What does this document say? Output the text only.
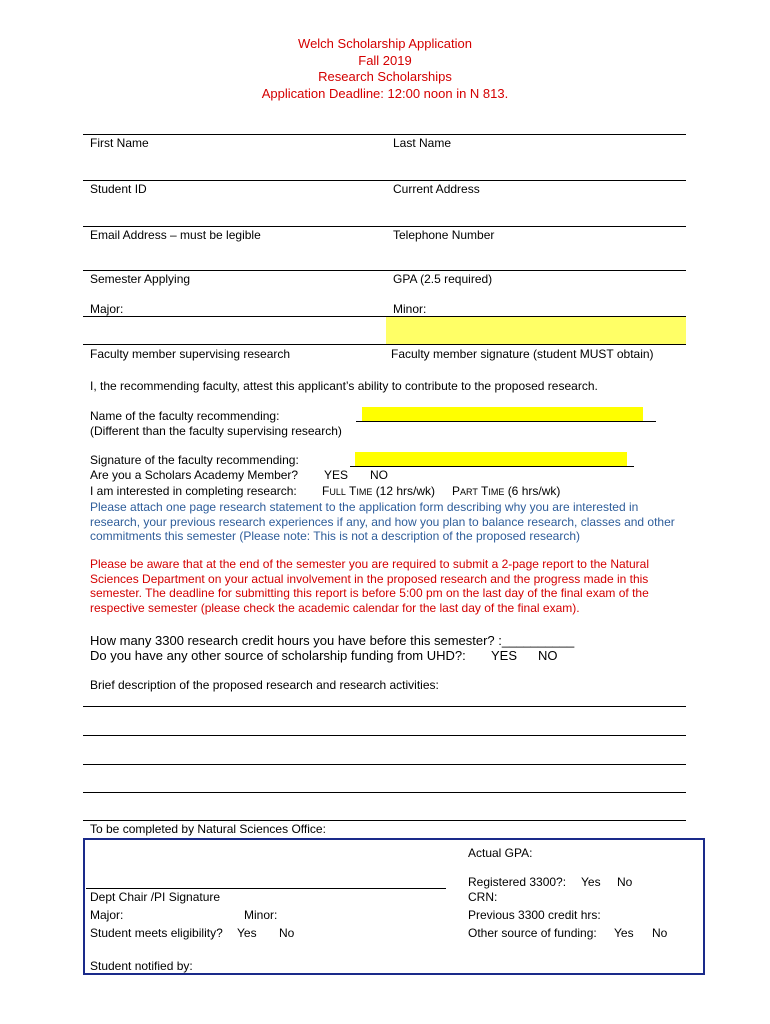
Welch Scholarship Application
Fall 2019
Research Scholarships
Application Deadline: 12:00 noon in N 813.
First Name	Last Name
Student ID	Current Address
Email Address – must be legible	Telephone Number
Semester Applying	GPA (2.5 required)
Major:	Minor:
Faculty member supervising research	Faculty member signature (student MUST obtain)
I, the recommending faculty, attest this applicant’s ability to contribute to the proposed research.
Name of the faculty recommending:
(Different than the faculty supervising research)
Signature of the faculty recommending:
Are you a Scholars Academy Member? YES NO
I am interested in completing research: FULL TIME (12 hrs/wk) PART TIME (6 hrs/wk)
Please attach one page research statement to the application form describing why you are interested in research, your previous research experiences if any, and how you plan to balance research, classes and other commitments this semester (Please note: This is not a description of the proposed research)
Please be aware that at the end of the semester you are required to submit a 2-page report to the Natural Sciences Department on your actual involvement in the proposed research and the progress made in this semester. The deadline for submitting this report is before 5:00 pm on the last day of the final exam of the respective semester (please check the academic calendar for the last day of the final exam).
How many 3300 research credit hours you have before this semester? :__________
Do you have any other source of scholarship funding from UHD?: YES NO
Brief description of the proposed research and research activities:
To be completed by Natural Sciences Office:
Actual GPA:
Registered 3300?: Yes No
Dept Chair /PI Signature	CRN:
Major:	Minor:	Previous 3300 credit hrs:
Student meets eligibility? Yes No	Other source of funding: Yes No
Student notified by:
